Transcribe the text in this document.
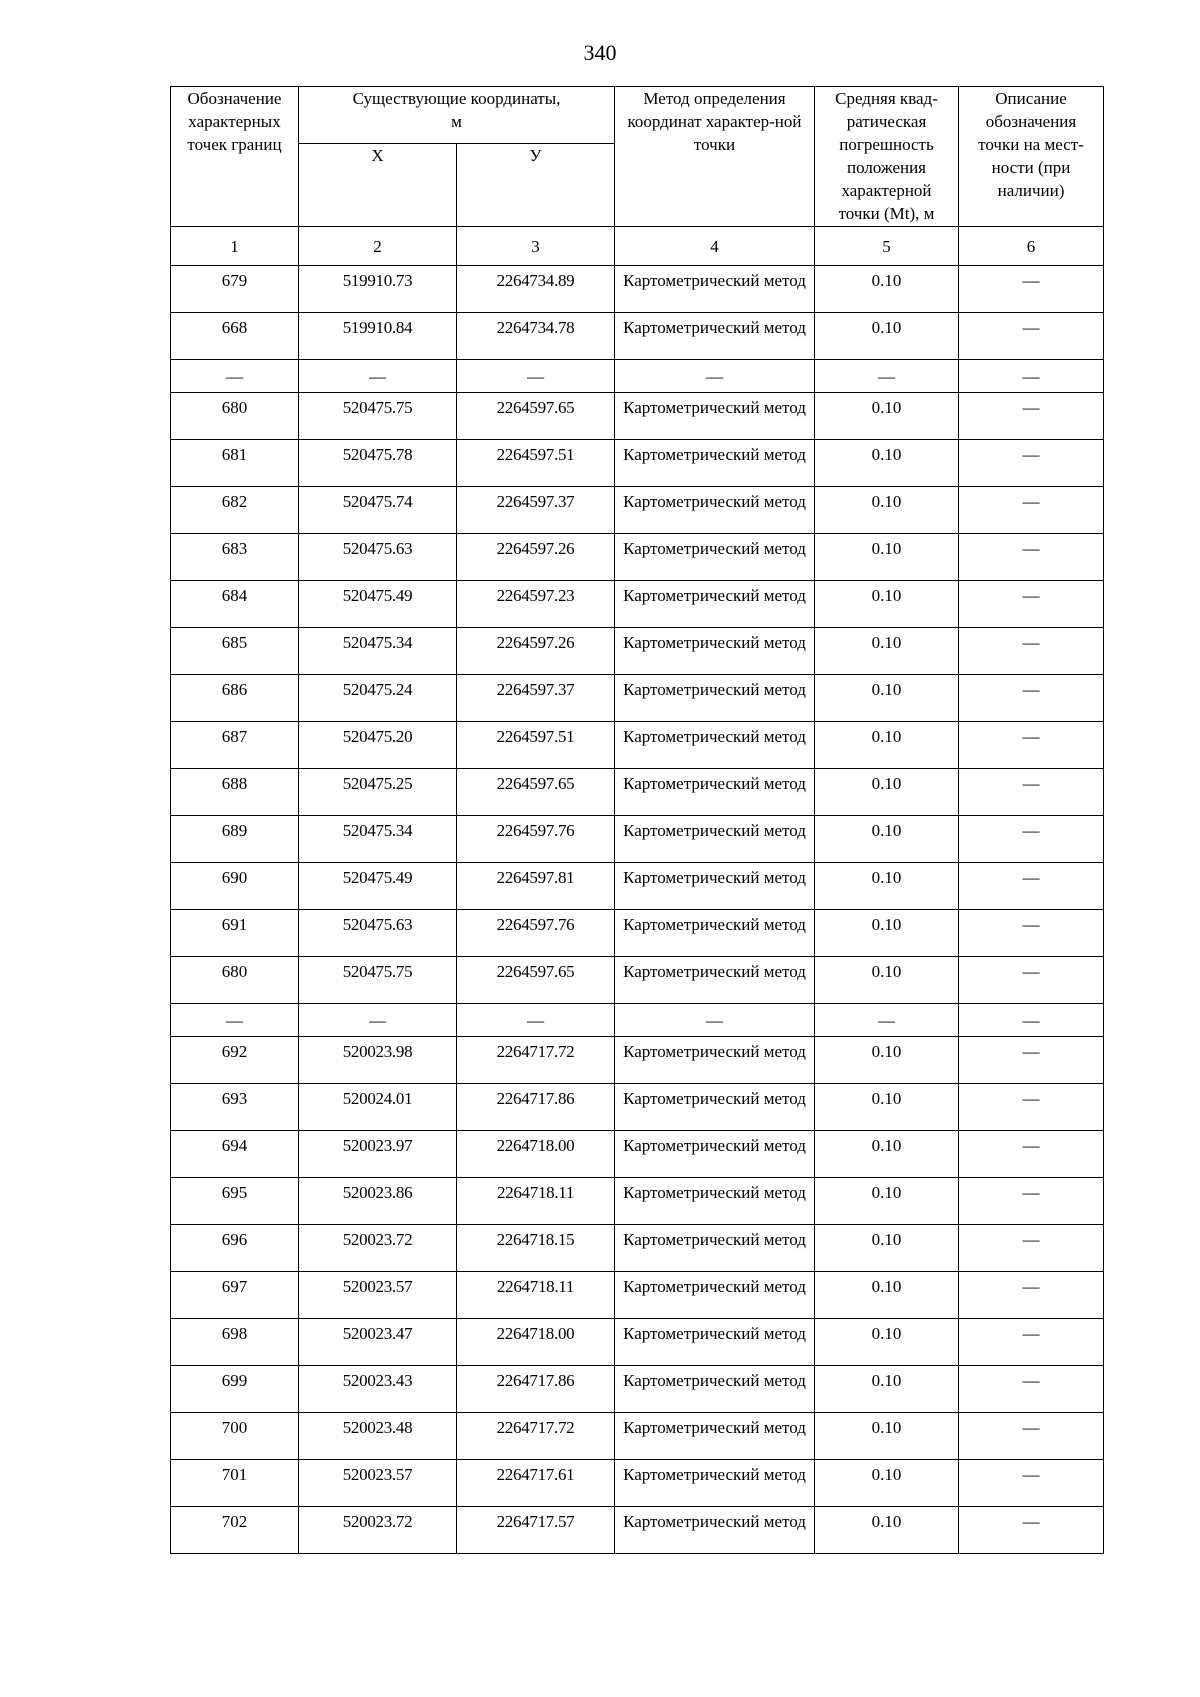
340
Обозначение характерных точек границ	Существующие координаты, м		Метод определения координат характер-ной точки	Средняя квад-ратическая погрешность положения характерной точки (Mt), м	Описание обозначения точки на мест-ности (при наличии)
	X	У			
1	2	3	4	5	6
679	519910.73	2264734.89	Картометрический метод	0.10	—
668	519910.84	2264734.78	Картометрический метод	0.10	—
—	—	—	—	—	—
680	520475.75	2264597.65	Картометрический метод	0.10	—
681	520475.78	2264597.51	Картометрический метод	0.10	—
682	520475.74	2264597.37	Картометрический метод	0.10	—
683	520475.63	2264597.26	Картометрический метод	0.10	—
684	520475.49	2264597.23	Картометрический метод	0.10	—
685	520475.34	2264597.26	Картометрический метод	0.10	—
686	520475.24	2264597.37	Картометрический метод	0.10	—
687	520475.20	2264597.51	Картометрический метод	0.10	—
688	520475.25	2264597.65	Картометрический метод	0.10	—
689	520475.34	2264597.76	Картометрический метод	0.10	—
690	520475.49	2264597.81	Картометрический метод	0.10	—
691	520475.63	2264597.76	Картометрический метод	0.10	—
680	520475.75	2264597.65	Картометрический метод	0.10	—
—	—	—	—	—	—
692	520023.98	2264717.72	Картометрический метод	0.10	—
693	520024.01	2264717.86	Картометрический метод	0.10	—
694	520023.97	2264718.00	Картометрический метод	0.10	—
695	520023.86	2264718.11	Картометрический метод	0.10	—
696	520023.72	2264718.15	Картометрический метод	0.10	—
697	520023.57	2264718.11	Картометрический метод	0.10	—
698	520023.47	2264718.00	Картометрический метод	0.10	—
699	520023.43	2264717.86	Картометрический метод	0.10	—
700	520023.48	2264717.72	Картометрический метод	0.10	—
701	520023.57	2264717.61	Картометрический метод	0.10	—
702	520023.72	2264717.57	Картометрический метод	0.10	—
